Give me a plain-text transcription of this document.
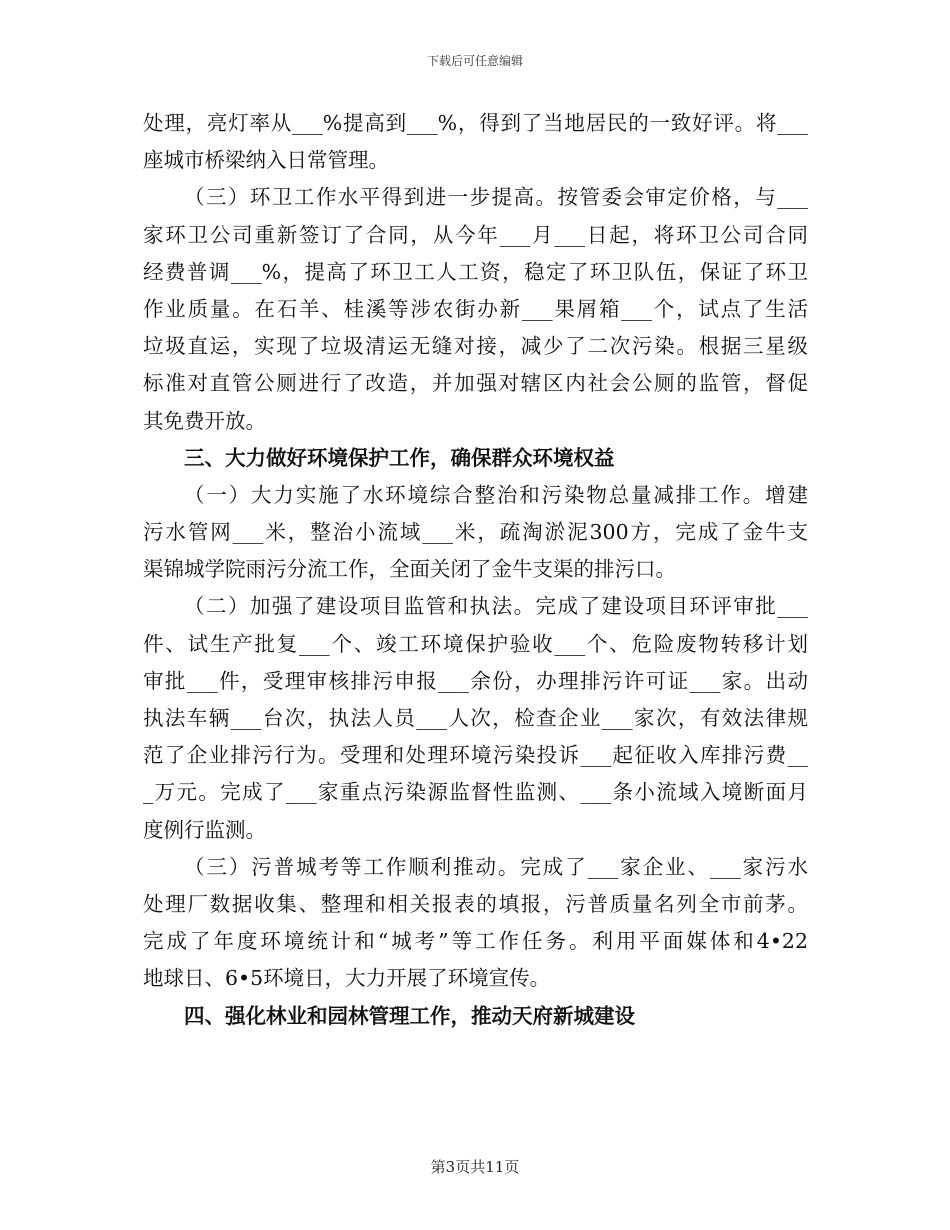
下载后可任意编辑
处理，亮灯率从___%提高到___%，得到了当地居民的一致好评。将___
座城市桥梁纳入日常管理。
（三）环卫工作水平得到进一步提高。按管委会审定价格，与___
家环卫公司重新签订了合同，从今年___月___日起，将环卫公司合同
经费普调___%，提高了环卫工人工资，稳定了环卫队伍，保证了环卫
作业质量。在石羊、桂溪等涉农街办新___果屑箱___个，试点了生活
垃圾直运，实现了垃圾清运无缝对接，减少了二次污染。根据三星级
标准对直管公厕进行了改造，并加强对辖区内社会公厕的监管，督促
其免费开放。
三、大力做好环境保护工作，确保群众环境权益
（一）大力实施了水环境综合整治和污染物总量减排工作。增建
污水管网___米，整治小流域___米，疏淘淤泥300方，完成了金牛支
渠锦城学院雨污分流工作，全面关闭了金牛支渠的排污口。
（二）加强了建设项目监管和执法。完成了建设项目环评审批___
件、试生产批复___个、竣工环境保护验收___个、危险废物转移计划
审批___件，受理审核排污申报___余份，办理排污许可证___家。出动
执法车辆___台次，执法人员___人次，检查企业___家次，有效法律规
范了企业排污行为。受理和处理环境污染投诉___起征收入库排污费__
_万元。完成了___家重点污染源监督性监测、___条小流域入境断面月
度例行监测。
（三）污普城考等工作顺利推动。完成了___家企业、___家污水
处理厂数据收集、整理和相关报表的填报，污普质量名列全市前茅。
完成了年度环境统计和“城考”等工作任务。利用平面媒体和4•22
地球日、6•5环境日，大力开展了环境宣传。
四、强化林业和园林管理工作，推动天府新城建设
第3页共11页
